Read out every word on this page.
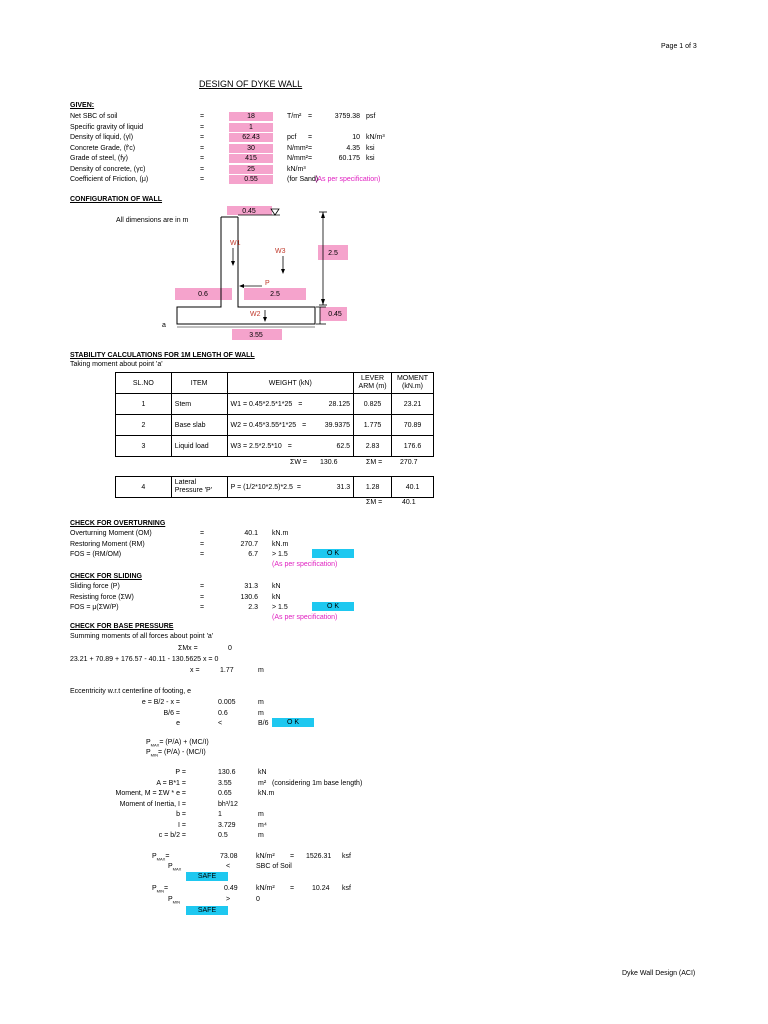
Page 1 of 3
DESIGN OF DYKE WALL
GIVEN:
Net SBC of soil	=	18	T/m² =	3759.38 psf
Specific gravity of liquid	=	1
Density of liquid, (γl)	=	62.43	pcf =	10 kN/m³
Concrete Grade, (f'c)	=	30	N/mm² =	4.35 ksi
Grade of steel, (fy)	=	415	N/mm² =	60.175 ksi
Density of concrete, (γc)	=	25	kN/m³
Coefficient of Friction, (μ)	=	0.55	(for Sand)
(As per specification)
CONFIGURATION OF WALL
All dimensions are in m
0.45
2.5
0.6	2.5
0.45
3.55
W1
W3
W2
P
a
STABILITY CALCULATIONS FOR 1M LENGTH OF WALL
Taking moment about point 'a'
SL.NO	ITEM	WEIGHT (kN)	LEVER ARM (m)	MOMENT (kN.m)
1	Stem	W1 = 0.45*2.5*1*25 = 28.125	0.825	23.21
2	Base slab	W2 = 0.45*3.55*1*25 = 39.9375	1.775	70.89
3	Liquid load	W3 = 2.5*2.5*10 = 62.5	2.83	176.6
ΣW = 130.6	ΣM =	270.7
4	Lateral Pressure 'P'	P = (1/2*10*2.5)*2.5 =	31.3	1.28	40.1
ΣM =	40.1
CHECK FOR OVERTURNING
Overturning Moment (OM)	=	40.1 kN.m
Restoring Moment (RM)	=	270.7 kN.m
FOS = (RM/OM)	=	6.7 > 1.5	O K
(As per specification)
CHECK FOR SLIDING
Sliding force (P)	=	31.3 kN
Resisting force (ΣW)	=	130.6 kN
FOS = μ(ΣW/P)	=	2.3 > 1.5	O K
(As per specification)
CHECK FOR BASE PRESSURE
Summing moments of all forces about point 'a'
ΣMx =	0
23.21 + 70.89 + 176.57 - 40.11 - 130.5625 x = 0
x =	1.77	m
Eccentricity w.r.t centerline of footing, e
e = B/2 - x =	0.005	m
B/6 =	0.6	m
e	<	B/6	O K
$P_{MAX}= (P/A) + (MC/I)$
$P_{MIN}= (P/A) - (MC/I)$
P =	130.6	kN
A = B*1 =	3.55	m² (considering 1m base length)
Moment, M = ΣW * e =	0.65	kN.m
Moment of Inertia, I =	bh³/12
b =	1	m
I =	3.729	m⁴
c = b/2 =	0.5	m
$P_{MAX}=$	73.08	kN/m² = 1526.31 ksf
$P_{MAX}$	<	SBC of Soil
SAFE
$P_{MIN}=$	0.49	kN/m² =	10.24 ksf
$P_{MIN}$	>	0
SAFE
Dyke Wall Design (ACI)
